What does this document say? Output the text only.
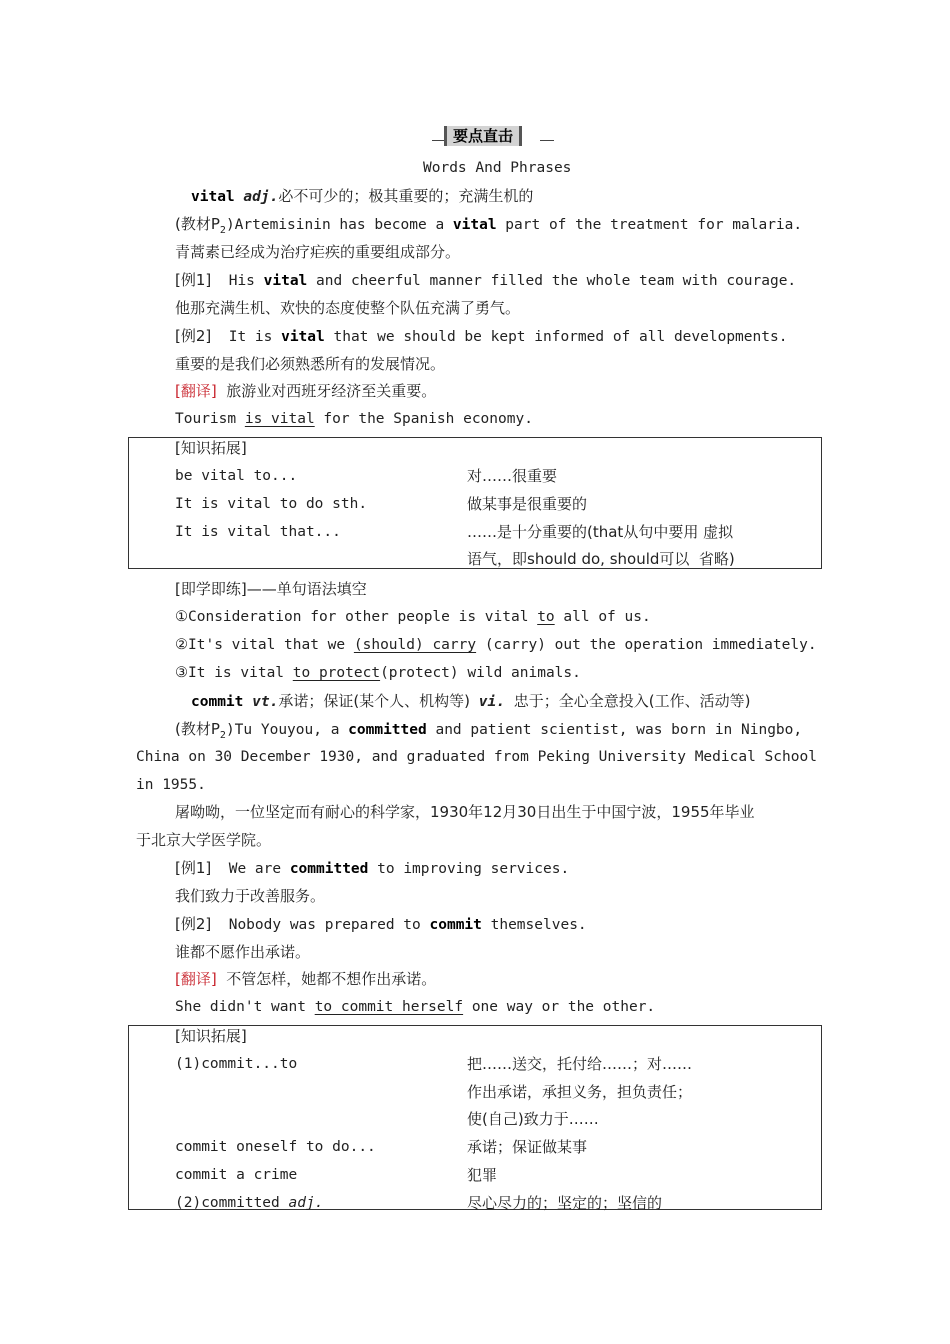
要点直击
Words And Phrases
vital adj.必不可少的；极其重要的；充满生机的
(教材$P_2)Artemisinin$ has become a vital part of the treatment for malaria.
青蒿素已经成为治疗疟疾的重要组成部分。
[例1]  His vital and cheerful manner filled the whole team with courage.
他那充满生机、欢快的态度使整个队伍充满了勇气。
[例2]  It is vital that we should be kept informed of all developments.
重要的是我们必须熟悉所有的发展情况。
[翻译] 旅游业对西班牙经济至关重要。
Tourism is vital for the Spanish economy.
[知识拓展]
be vital to...	对……很重要
It is vital to do sth.	做某事是很重要的
It is vital that...	……是十分重要的(that从句中要用 虚拟
语气，即should do, should可以  省略)
[即学即练]——单句语法填空
①Consideration for other people is vital to all of us.
②It's vital that we (should) carry (carry) out the operation immediately.
③It is vital to protect(protect) wild animals.
commit vt.承诺；保证(某个人、机构等) vi. 忠于；全心全意投入(工作、活动等)
(教材$P_2)Tu$ Youyou, a committed and patient scientist, was born in Ningbo,
China on 30 December 1930, and graduated from Peking University Medical School
in 1955.
屠呦呦，一位坚定而有耐心的科学家，1930年12月30日出生于中国宁波，1955年毕业
于北京大学医学院。
[例1]  We are committed to improving services.
我们致力于改善服务。
[例2]  Nobody was prepared to commit themselves.
谁都不愿作出承诺。
[翻译] 不管怎样，她都不想作出承诺。
She didn't want to commit herself one way or the other.
[知识拓展]
(1)commit...to	把……送交，托付给……；对……
作出承诺，承担义务，担负责任；
使(自己)致力于……
commit oneself to do...	承诺；保证做某事
commit a crime	犯罪
(2)committed adj.	尽心尽力的；坚定的；坚信的
